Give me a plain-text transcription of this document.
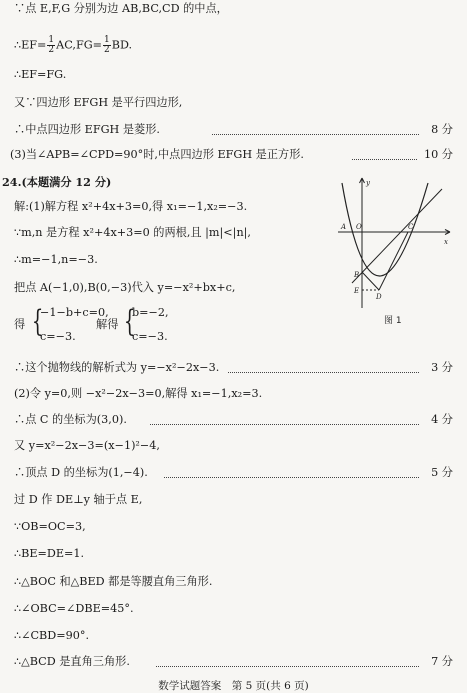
∵点 E,F,G 分别为边 AB,BC,CD 的中点，
∴EF= $\frac{1}{2} AC,FG= \frac{1}{2}$ BD.
∴EF=FG.
又∵四边形 EFGH 是平行四边形,
∴中点四边形 EFGH 是菱形.	8 分
(3)当∠APB=∠CPD=90°时,中点四边形 EFGH 是正方形.	10 分
24.(本题满分 12 分)
解:(1)解方程 x²+4x+3=0,得 x₁=−1,x₂=−3.
∵m,n 是方程 x²+4x+3=0 的两根,且 |m|<|n|,
∴m=−1,n=−3.
把点 A(−1,0),B(0,−3)代入 y=−x²+bx+c,
得 {
−1−b+c=0,
c=−3.
解得 {
b=−2,
c=−3.
∴这个抛物线的解析式为 y=−x²−2x−3.	3 分
(2)令 y=0,则 −x²−2x−3=0,解得 x₁=−1,x₂=3.
∴点 C 的坐标为(3,0).	4 分
又 y=x²−2x−3=(x−1)²−4,
∴顶点 D 的坐标为(1,−4).	5 分
过 D 作 DE⊥y 轴于点 E,
∵OB=OC=3,
∴BE=DE=1.
∴△BOC 和△BED 都是等腰直角三角形.
∴∠OBC=∠DBE=45°.
∴∠CBD=90°.
∴△BCD 是直角三角形.	7 分
y
x
A O	C
B
E
D
图 1
数学试题答案　第 5 页(共 6 页)
